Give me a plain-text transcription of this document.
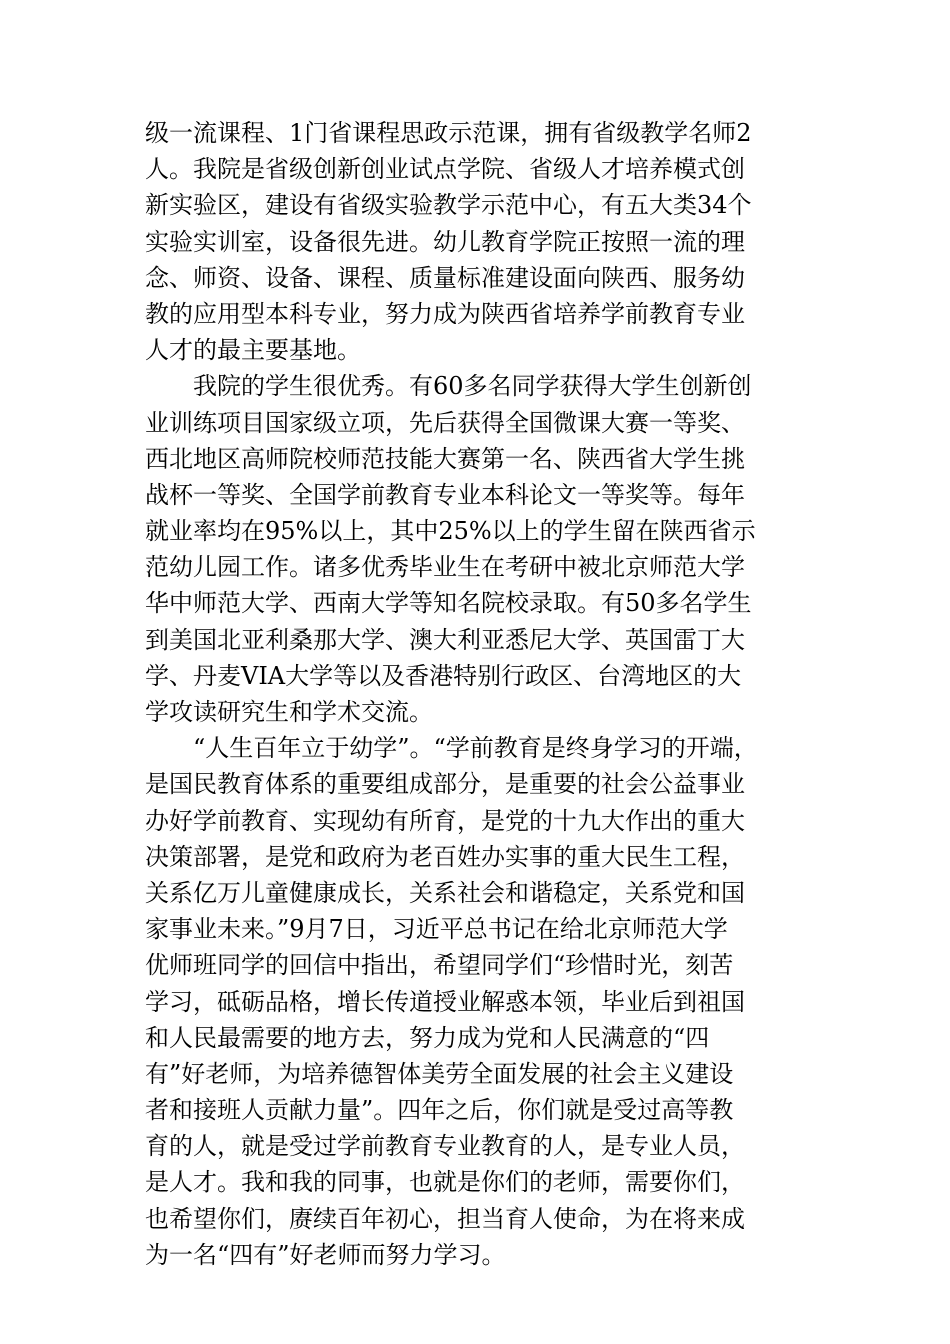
级一流课程、1门省课程思政示范课，拥有省级教学名师2
人。我院是省级创新创业试点学院、省级人才培养模式创
新实验区，建设有省级实验教学示范中心，有五大类34个
实验实训室，设备很先进。幼儿教育学院正按照一流的理
念、师资、设备、课程、质量标准建设面向陕西、服务幼
教的应用型本科专业，努力成为陕西省培养学前教育专业
人才的最主要基地。
我院的学生很优秀。有60多名同学获得大学生创新创
业训练项目国家级立项，先后获得全国微课大赛一等奖、
西北地区高师院校师范技能大赛第一名、陕西省大学生挑
战杯一等奖、全国学前教育专业本科论文一等奖等。每年
就业率均在95%以上，其中25%以上的学生留在陕西省示
范幼儿园工作。诸多优秀毕业生在考研中被北京师范大学
华中师范大学、西南大学等知名院校录取。有50多名学生
到美国北亚利桑那大学、澳大利亚悉尼大学、英国雷丁大
学、丹麦VIA大学等以及香港特别行政区、台湾地区的大
学攻读研究生和学术交流。
“人生百年立于幼学”。“学前教育是终身学习的开端，
是国民教育体系的重要组成部分，是重要的社会公益事业
办好学前教育、实现幼有所育，是党的十九大作出的重大
决策部署，是党和政府为老百姓办实事的重大民生工程，
关系亿万儿童健康成长，关系社会和谐稳定，关系党和国
家事业未来。”9月7日，习近平总书记在给北京师范大学
优师班同学的回信中指出，希望同学们“珍惜时光，刻苦
学习，砥砺品格，增长传道授业解惑本领，毕业后到祖国
和人民最需要的地方去，努力成为党和人民满意的“四
有”好老师，为培养德智体美劳全面发展的社会主义建设
者和接班人贡献力量”。四年之后，你们就是受过高等教
育的人，就是受过学前教育专业教育的人，是专业人员，
是人才。我和我的同事，也就是你们的老师，需要你们，
也希望你们，赓续百年初心，担当育人使命，为在将来成
为一名“四有”好老师而努力学习。
